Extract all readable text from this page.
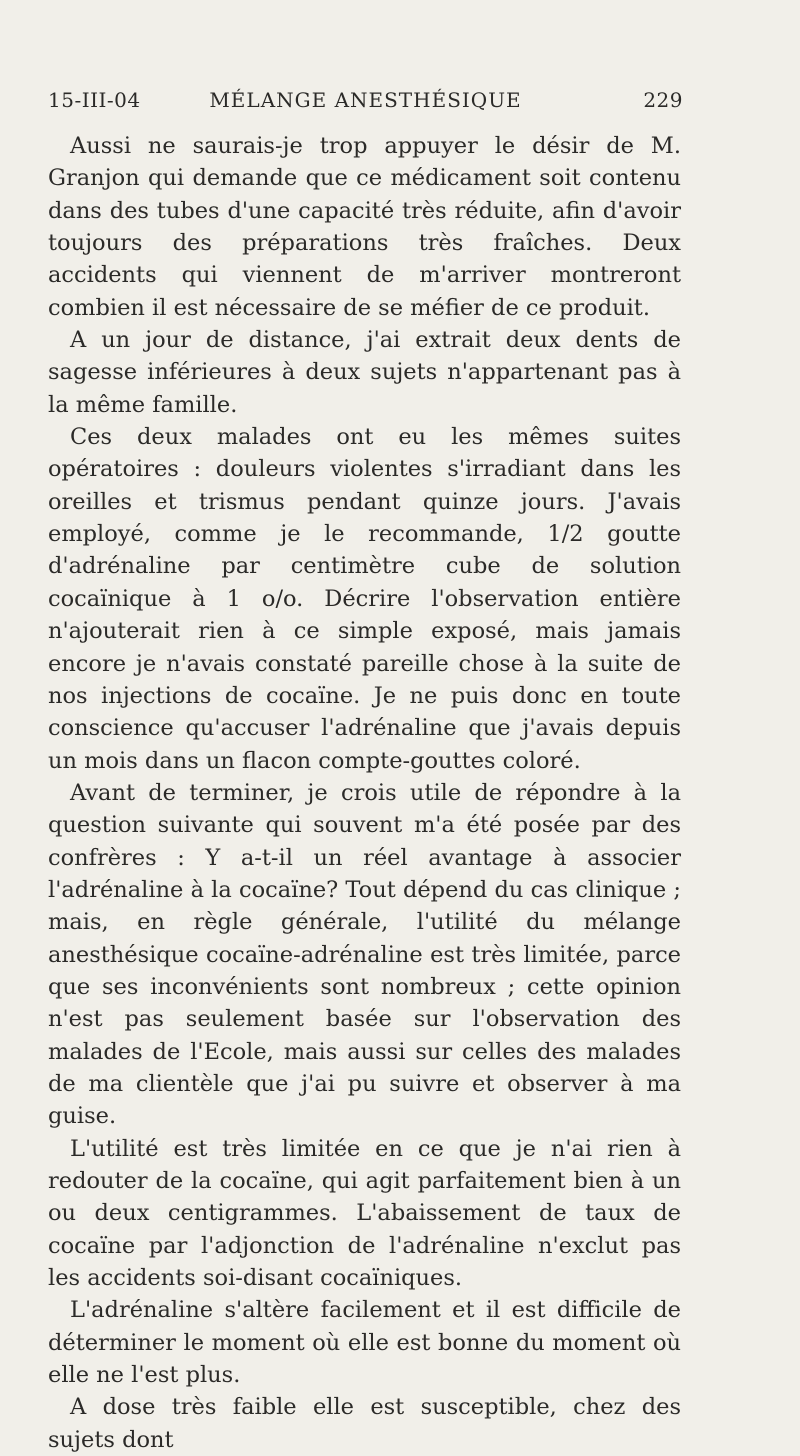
15-III-04	MÉLANGE ANESTHÉSIQUE	229

Aussi ne saurais-je trop appuyer le désir de M. Granjon qui demande que ce médicament soit contenu dans des tubes d'une capacité très réduite, afin d'avoir toujours des préparations très fraîches. Deux accidents qui viennent de m'arriver montreront combien il est nécessaire de se méfier de ce produit.

A un jour de distance, j'ai extrait deux dents de sagesse inférieures à deux sujets n'appartenant pas à la même famille.

Ces deux malades ont eu les mêmes suites opératoires : douleurs violentes s'irradiant dans les oreilles et trismus pendant quinze jours. J'avais employé, comme je le recommande, 1/2 goutte d'adrénaline par centimètre cube de solution cocaïnique à 1 o/o. Décrire l'observation entière n'ajouterait rien à ce simple exposé, mais jamais encore je n'avais constaté pareille chose à la suite de nos injections de cocaïne. Je ne puis donc en toute conscience qu'accuser l'adrénaline que j'avais depuis un mois dans un flacon compte-gouttes coloré.

Avant de terminer, je crois utile de répondre à la question suivante qui souvent m'a été posée par des confrères : Y a-t-il un réel avantage à associer l'adrénaline à la cocaïne? Tout dépend du cas clinique ; mais, en règle générale, l'utilité du mélange anesthésique cocaïne-adrénaline est très limitée, parce que ses inconvénients sont nombreux ; cette opinion n'est pas seulement basée sur l'observation des malades de l'Ecole, mais aussi sur celles des malades de ma clientèle que j'ai pu suivre et observer à ma guise.

L'utilité est très limitée en ce que je n'ai rien à redouter de la cocaïne, qui agit parfaitement bien à un ou deux centigrammes. L'abaissement de taux de cocaïne par l'adjonction de l'adrénaline n'exclut pas les accidents soi-disant cocaïniques.

L'adrénaline s'altère facilement et il est difficile de déterminer le moment où elle est bonne du moment où elle ne l'est plus.

A dose très faible elle est susceptible, chez des sujets dont
